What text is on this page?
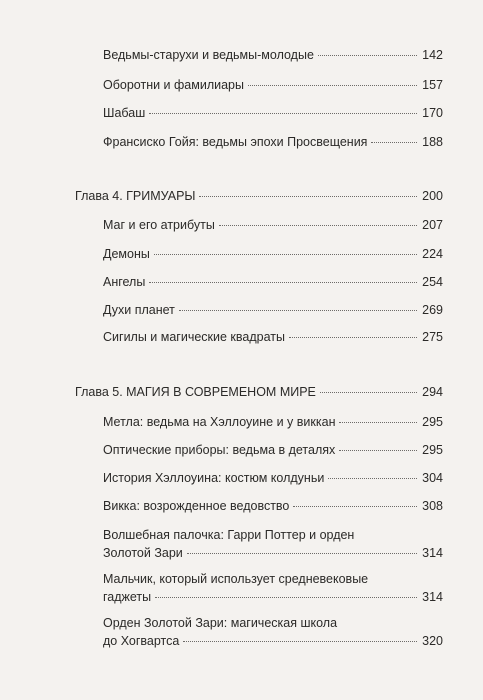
Ведьмы-старухи и ведьмы-молодые	142
Оборотни и фамилиары	157
Шабаш	170
Франсиско Гойя: ведьмы эпохи Просвещения	188
Глава 4. ГРИМУАРЫ	200
Маг и его атрибуты	207
Демоны	224
Ангелы	254
Духи планет	269
Сигилы и магические квадраты	275
Глава 5. МАГИЯ В СОВРЕМЕНОМ МИРЕ	294
Метла: ведьма на Хэллоуине и у виккан	295
Оптические приборы: ведьма в деталях	295
История Хэллоуина: костюм колдуньи	304
Викка: возрожденное ведовство	308
Волшебная палочка: Гарри Поттер и орден
Золотой Зари	314
Мальчик, который использует средневековые
гаджеты	314
Орден Золотой Зари: магическая школа
до Хогвартса	320
